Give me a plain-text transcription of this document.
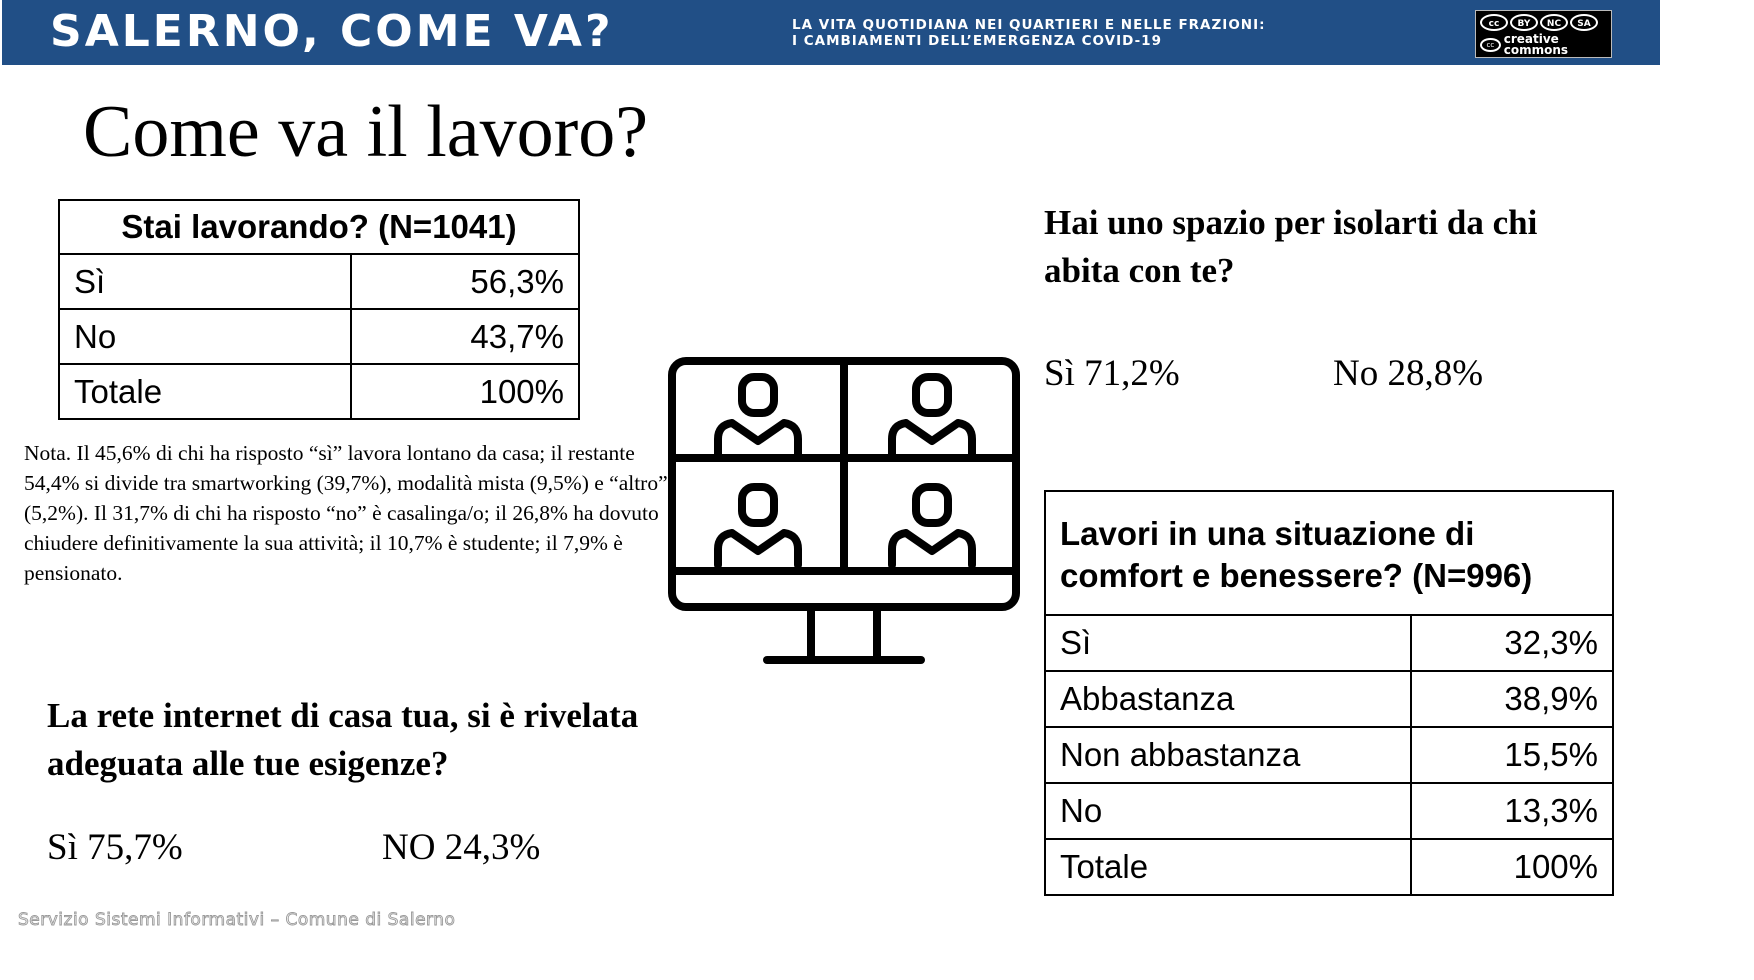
SALERNO, COME VA?	LA VITA QUOTIDIANA NEI QUARTIERI E NELLE FRAZIONI:
I CAMBIAMENTI DELL’EMERGENZA COVID-19
cc	BY	NC	SA
cc creative commons
Come va il lavoro?
Stai lavorando? (N=1041)	
Sì	56,3%
No	43,7%
Totale	100%
Nota. Il 45,6% di chi ha risposto “sì” lavora lontano da casa; il restante 54,4% si divide tra smartworking (39,7%), modalità mista (9,5%) e “altro” (5,2%). Il 31,7% di chi ha risposto “no” è casalinga/o; il 26,8% ha dovuto chiudere definitivamente la sua attività; il 10,7% è studente; il 7,9% è pensionato.
Hai uno spazio per isolarti da chi abita con te?
Sì 71,2%	No 28,8%
La rete internet di casa tua, si è rivelata adeguata alle tue esigenze?
Sì 75,7%	NO 24,3%
Lavori in una situazione di comfort e benessere? (N=996)	
Sì	32,3%
Abbastanza	38,9%
Non abbastanza	15,5%
No	13,3%
Totale	100%
Servizio Sistemi Informativi – Comune di Salerno
